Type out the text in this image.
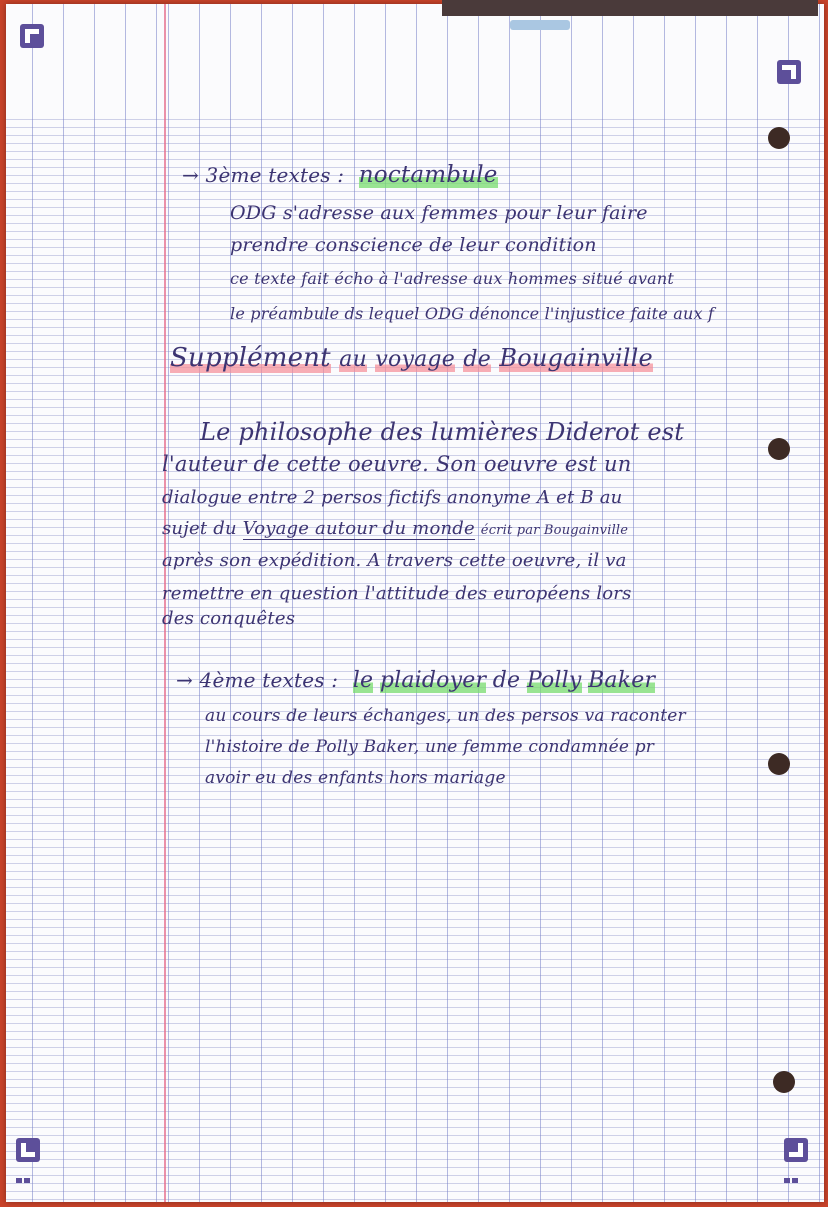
→ 3ème textes : noctambule
ODG s'adresse aux femmes pour leur faire
prendre conscience de leur condition
ce texte fait écho à l'adresse aux hommes situé avant
le préambule ds lequel ODG dénonce l'injustice faite aux f
Supplément au voyage de Bougainville
Le philosophe des lumières Diderot est
l'auteur de cette oeuvre. Son oeuvre est un
dialogue entre 2 persos fictifs anonyme A et B au
sujet du Voyage autour du monde écrit par Bougainville
après son expédition. A travers cette oeuvre, il va
remettre en question l'attitude des européens lors
des conquêtes
→ 4ème textes : le plaidoyer de Polly Baker
au cours de leurs échanges, un des persos va raconter
l'histoire de Polly Baker, une femme condamnée pr
avoir eu des enfants hors mariage
